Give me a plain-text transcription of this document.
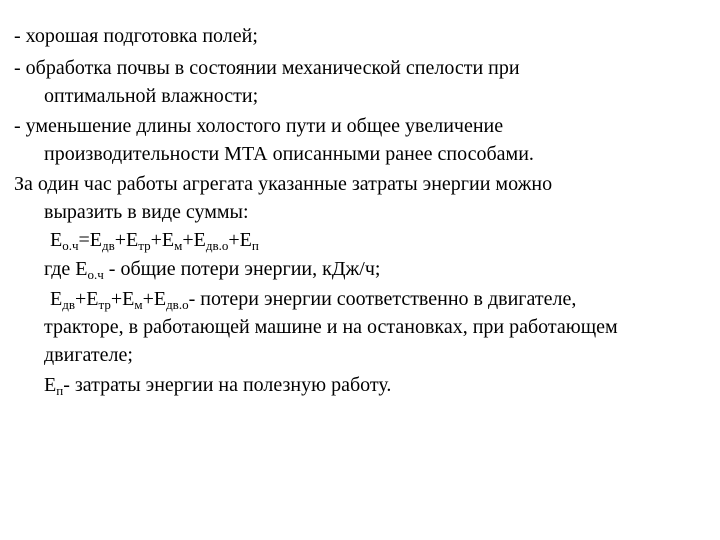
- хорошая подготовка полей;
- обработка почвы в состоянии механической спелости при
оптимальной влажности;
- уменьшение длины холостого пути и общее увеличение
производительности МТА описанными ранее способами.
За один час работы агрегата указанные затраты энергии можно
выразить в виде суммы:
$E_{о.ч}=E_{дв}+E_{тр}+E_м+E_{дв.о}+E_п$
где $E_{о.ч}$ - общие потери энергии, кДж/ч;
$E_{дв}+E_{тр}+E_м+E_{дв.о}-$ потери энергии соответственно в двигателе,
тракторе, в работающей машине и на остановках, при работающем
двигателе;
$E_п-$ затраты энергии на полезную работу.
